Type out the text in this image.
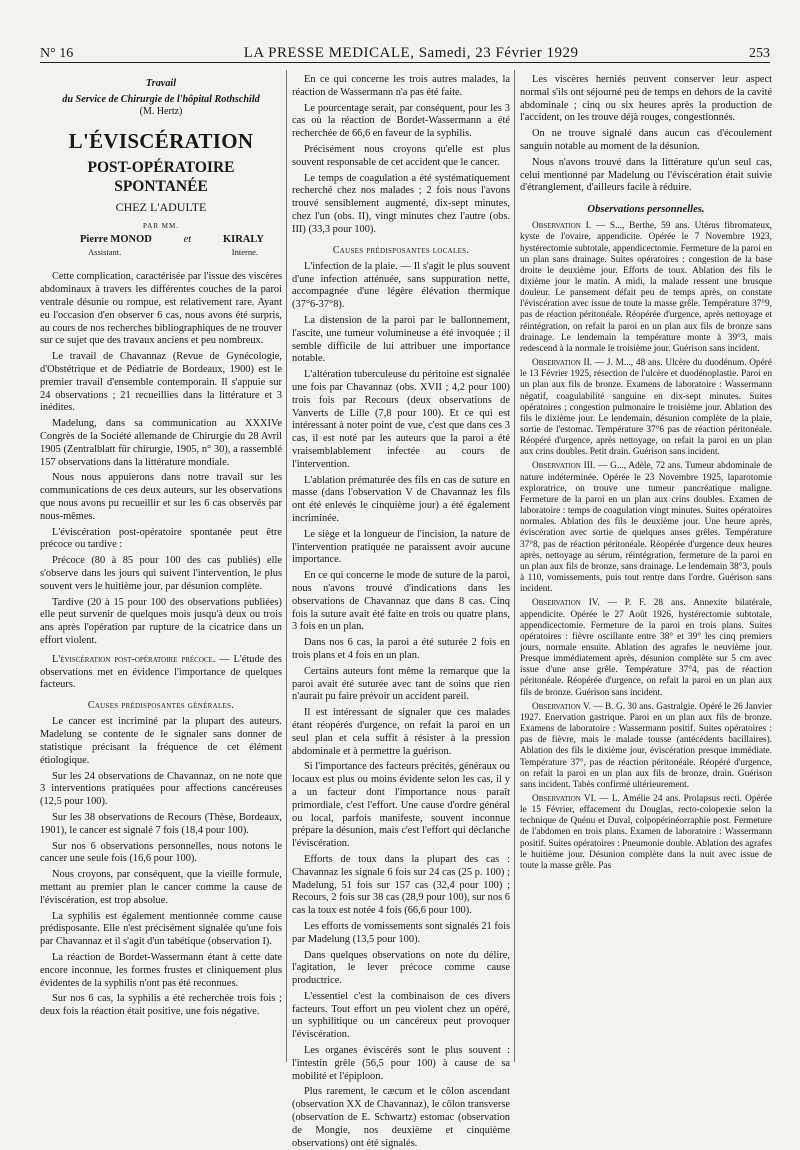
N° 16	LA PRESSE MEDICALE, Samedi, 23 Février 1929	253
Travail
du Service de Chirurgie de l'hôpital Rothschild
(M. Hertz)
L'ÉVISCÉRATION
POST-OPÉRATOIRE SPONTANÉE
CHEZ L'ADULTE
PAR MM.
Pierre MONOD	et	KIRALY
Assistant.	Interne.

Cette complication, caractérisée par l'issue des viscères abdominaux à travers les différentes couches de la paroi ventrale désunie ou rompue, est relativement rare. Ayant eu l'occasion d'en observer 6 cas, nous avons été surpris, au cours de nos recherches bibliographiques de ne trouver sur ce sujet que des travaux anciens et peu nombreux.

Le travail de Chavannaz (Revue de Gynécologie, d'Obstétrique et de Pédiatrie de Bordeaux, 1900) est le premier travail d'ensemble contemporain. Il s'appuie sur 24 observations ; 21 recueillies dans la littérature et 3 inédites.

Madelung, dans sa communication au XXXIVe Congrès de la Société allemande de Chirurgie du 28 Avril 1905 (Zentralblatt für chirurgie, 1905, n° 30), a rassemblé 157 observations dans la littérature mondiale.

Nous nous appuierons dans notre travail sur les communications de ces deux auteurs, sur les observations que nous avons pu recueillir et sur les 6 cas observés par nous-mêmes.

L'éviscération post-opératoire spontanée peut être précoce ou tardive :

Précoce (80 à 85 pour 100 des cas publiés) elle s'observe dans les jours qui suivent l'intervention, le plus souvent vers le huitième jour, par désunion complète.

Tardive (20 à 15 pour 100 des observations publiées) elle peut survenir de quelques mois jusqu'à deux ou trois ans après l'opération par rupture de la cicatrice dans un effort violent.

L'éviscération post-opératoire précoce. — L'étude des observations met en évidence l'importance de quelques facteurs.

Causes prédisposantes générales.

Le cancer est incriminé par la plupart des auteurs. Madelung se contente de le signaler sans donner de statistique précisant la fréquence de cet élément étiologique.

Sur les 24 observations de Chavannaz, on ne note que 3 interventions pratiquées pour affections cancéreuses (12,5 pour 100).

Sur les 38 observations de Recours (Thèse, Bordeaux, 1901), le cancer est signalé 7 fois (18,4 pour 100).

Sur nos 6 observations personnelles, nous notons le cancer une seule fois (16,6 pour 100).

Nous croyons, par conséquent, que la vieille formule, mettant au premier plan le cancer comme la cause de l'éviscération, est trop absolue.

La syphilis est également mentionnée comme cause prédisposante. Elle n'est précisément signalée qu'une fois par Chavannaz et il s'agit d'un tabétique (observation I).

La réaction de Bordet-Wassermann étant à cette date encore inconnue, les formes frustes et cliniquement plus évidentes de la syphilis n'ont pas été reconnues.

Sur nos 6 cas, la syphilis a été recherchée trois fois ; deux fois la réaction était positive, une fois négative.

En ce qui concerne les trois autres malades, la réaction de Wassermann n'a pas été faite.

Le pourcentage serait, par conséquent, pour les 3 cas où la réaction de Bordet-Wassermann a été recherchée de 66,6 en faveur de la syphilis.

Précisément nous croyons qu'elle est plus souvent responsable de cet accident que le cancer.

Le temps de coagulation a été systématiquement recherché chez nos malades ; 2 fois nous l'avons trouvé sensiblement augmenté, dix-sept minutes, chez l'un (obs. II), vingt minutes chez l'autre (obs. III) (33,3 pour 100).

Causes prédisposantes locales.

L'infection de la plaie. — Il s'agit le plus souvent d'une infection atténuée, sans suppuration nette, accompagnée d'une légère élévation thermique (37°6-37°8).

La distension de la paroi par le ballonnement, l'ascite, une tumeur volumineuse a été invoquée ; il semble difficile de lui attribuer une importance notable.

L'altération tuberculeuse du péritoine est signalée une fois par Chavannaz (obs. XVII ; 4,2 pour 100) trois fois par Recours (deux observations de Vanverts de Lille (7,8 pour 100). Et ce qui est intéressant à noter point de vue, c'est que dans ces 3 cas, il est noté par les auteurs que la paroi a été vraisemblablement infectée au cours de l'intervention.

L'ablation prématurée des fils en cas de suture en masse (dans l'observation V de Chavannaz les fils ont été enlevés le cinquième jour) a été également incriminée.

Le siège et la longueur de l'incision, la nature de l'intervention pratiquée ne paraissent avoir aucune importance.

En ce qui concerne le mode de suture de la paroi, nous n'avons trouvé d'indications dans les observations de Chavannaz que dans 8 cas. Cinq fois la suture avait été faite en trois ou quatre plans, 3 fois en un plan.

Dans nos 6 cas, la paroi a été suturée 2 fois en trois plans et 4 fois en un plan.

Certains auteurs font même la remarque que la paroi avait été suturée avec tant de soins que rien n'aurait pu faire prévoir un accident pareil.

Il est intéressant de signaler que ces malades étant réopérés d'urgence, on refait la paroi en un seul plan et cela suffit à résister à la pression abdominale et à permettre la guérison.

Si l'importance des facteurs précités, généraux ou locaux est plus ou moins évidente selon les cas, il y a un facteur dont l'importance nous paraît primordiale, c'est l'effort. Une cause d'ordre général ou local, parfois manifeste, souvent inconnue prépare la désunion, mais c'est l'effort qui déclanche l'éviscération.

Efforts de toux dans la plupart des cas : Chavannaz les signale 6 fois sur 24 cas (25 p. 100) ; Madelung, 51 fois sur 157 cas (32,4 pour 100) ; Recours, 2 fois sur 38 cas (28,9 pour 100), sur nos 6 cas la toux est notée 4 fois (66,6 pour 100).

Les efforts de vomissements sont signalés 21 fois par Madelung (13,5 pour 100).

Dans quelques observations on note du délire, l'agitation, le lever précoce comme cause productrice.

L'essentiel c'est la combinaison de ces divers facteurs. Tout effort un peu violent chez un opéré, un syphilitique ou un cancéreux peut provoquer l'éviscération.

Les organes éviscérés sont le plus souvent : l'intestin grêle (56,5 pour 100) à cause de sa mobilité et l'épiploon.

Plus rarement, le cæcum et le côlon ascendant (observation XX de Chavannaz), le côlon transverse (observation de E. Schwartz) estomac (observation de Mongie, nos deuxième et cinquième observations) ont été signalés.

Les viscères herniés peuvent conserver leur aspect normal s'ils ont séjourné peu de temps en dehors de la cavité abdominale ; cinq ou six heures après la production de l'accident, on les trouve déjà rouges, congestionnés.

On ne trouve signalé dans aucun cas d'écoulement sanguin notable au moment de la désunion.

Nous n'avons trouvé dans la littérature qu'un seul cas, celui mentionné par Madelung ou l'éviscération était suivie d'étranglement, d'ailleurs facile à réduire.

Observations personnelles.

Observation I. — S..., Berthe, 59 ans. Utérus fibromateux, kyste de l'ovaire, appendicite. Opérée le 7 Novembre 1923, hystérectomie subtotale, appendicectomie. Fermeture de la paroi en un plan sans drainage. Suites opératoires : congestion de la base droite le deuxième jour. Efforts de toux. Ablation des fils le dixième jour le matin. A midi, la malade ressent une brusque douleur. Le pansement défait peu de temps après, on constate l'éviscération avec issue de toute la masse grêle. Température 37°9, pas de réaction péritonéale. Réopérée d'urgence, après nettoyage et réintégration, on refait la paroi en un plan aux fils de bronze sans drainage. Le lendemain la température monte à 39°3, mais redescend à la normale le troisième jour. Guérison sans incident.

Observation II. — J. M..., 48 ans. Ulcère du duodénum. Opéré le 13 Février 1925, résection de l'ulcère et duodénoplastie. Paroi en un plan aux fils de bronze. Examens de laboratoire : Wassermann négatif, coagulabilité sanguine en dix-sept minutes. Suites opératoires ; congestion pulmonaire le troisième jour. Ablation des fils le dixième jour. Le lendemain, désunion complète de la plaie, sortie de l'estomac. Température 37°6 pas de réaction péritonéale. Réopéré d'urgence, après nettoyage, on refait la paroi en un plan aux crins doubles. Petit drain. Guérison sans incident.

Observation III. — G..., Adèle, 72 ans. Tumeur abdominale de nature indéterminée. Opérée le 23 Novembre 1925, laparotomie exploratrice, on trouve une tumeur pancréatique maligne. Fermeture de la paroi en un plan aux crins doubles. Examen de laboratoire : temps de coagulation vingt minutes. Suites opératoires normales. Ablation des fils le deuxième jour. Une heure après, éviscération avec sortie de quelques anses grêles. Température 37°8, pas de réaction péritonéale. Réopérée d'urgence deux heures après, nettoyage au sérum, réintégration, fermeture de la paroi en un plan aux fils de bronze, sans drainage. Le lendemain 38°3, pouls à 110, vomissements, puis tout rentre dans l'ordre. Guérison sans incident.

Observation IV. — P. F. 28 ans. Annexite bilatérale, appendicite. Opérée le 27 Août 1926, hystérectomie subtotale, appendicectomie. Fermeture de la paroi en trois plans. Suites opératoires : fièvre oscillante entre 38° et 39° les cinq premiers jours, normale ensuite. Ablation des agrafes le neuvième jour. Presque immédiatement après, désunion complète sur 5 cm avec issue d'une anse grêle. Température 37°4, pas de réaction péritonéale. Réopérée d'urgence, on refait la paroi en un plan aux fils de bronze. Guérison sans incident.

Observation V. — B. G. 30 ans. Gastralgie. Opéré le 26 Janvier 1927. Enervation gastrique. Paroi en un plan aux fils de bronze. Examens de laboratoire : Wassermann positif. Suites opératoires : pas de fièvre, mais le malade tousse (antécédents bacillaires). Ablation des fils le dixième jour, éviscération presque immédiate. Température 37°, pas de réaction péritonéale. Réopéré d'urgence, on refait la paroi en un plan aux fils de bronze, drain. Guérison sans incident. Tabès confirmé ultérieurement.

Observation VI. — L. Amélie 24 ans. Prolapsus recti. Opérée le 15 Février, effacement du Douglas, recto-colopexie selon la technique de Quénu et Duval, colpopérinéorraphie post. Fermeture de l'abdomen en trois plans. Examen de laboratoire : Wassermann positif. Suites opératoires : Pneumonie double. Ablation des agrafes le huitième jour. Désunion complète dans la nuit avec issue de toute la masse grêle. Pas
